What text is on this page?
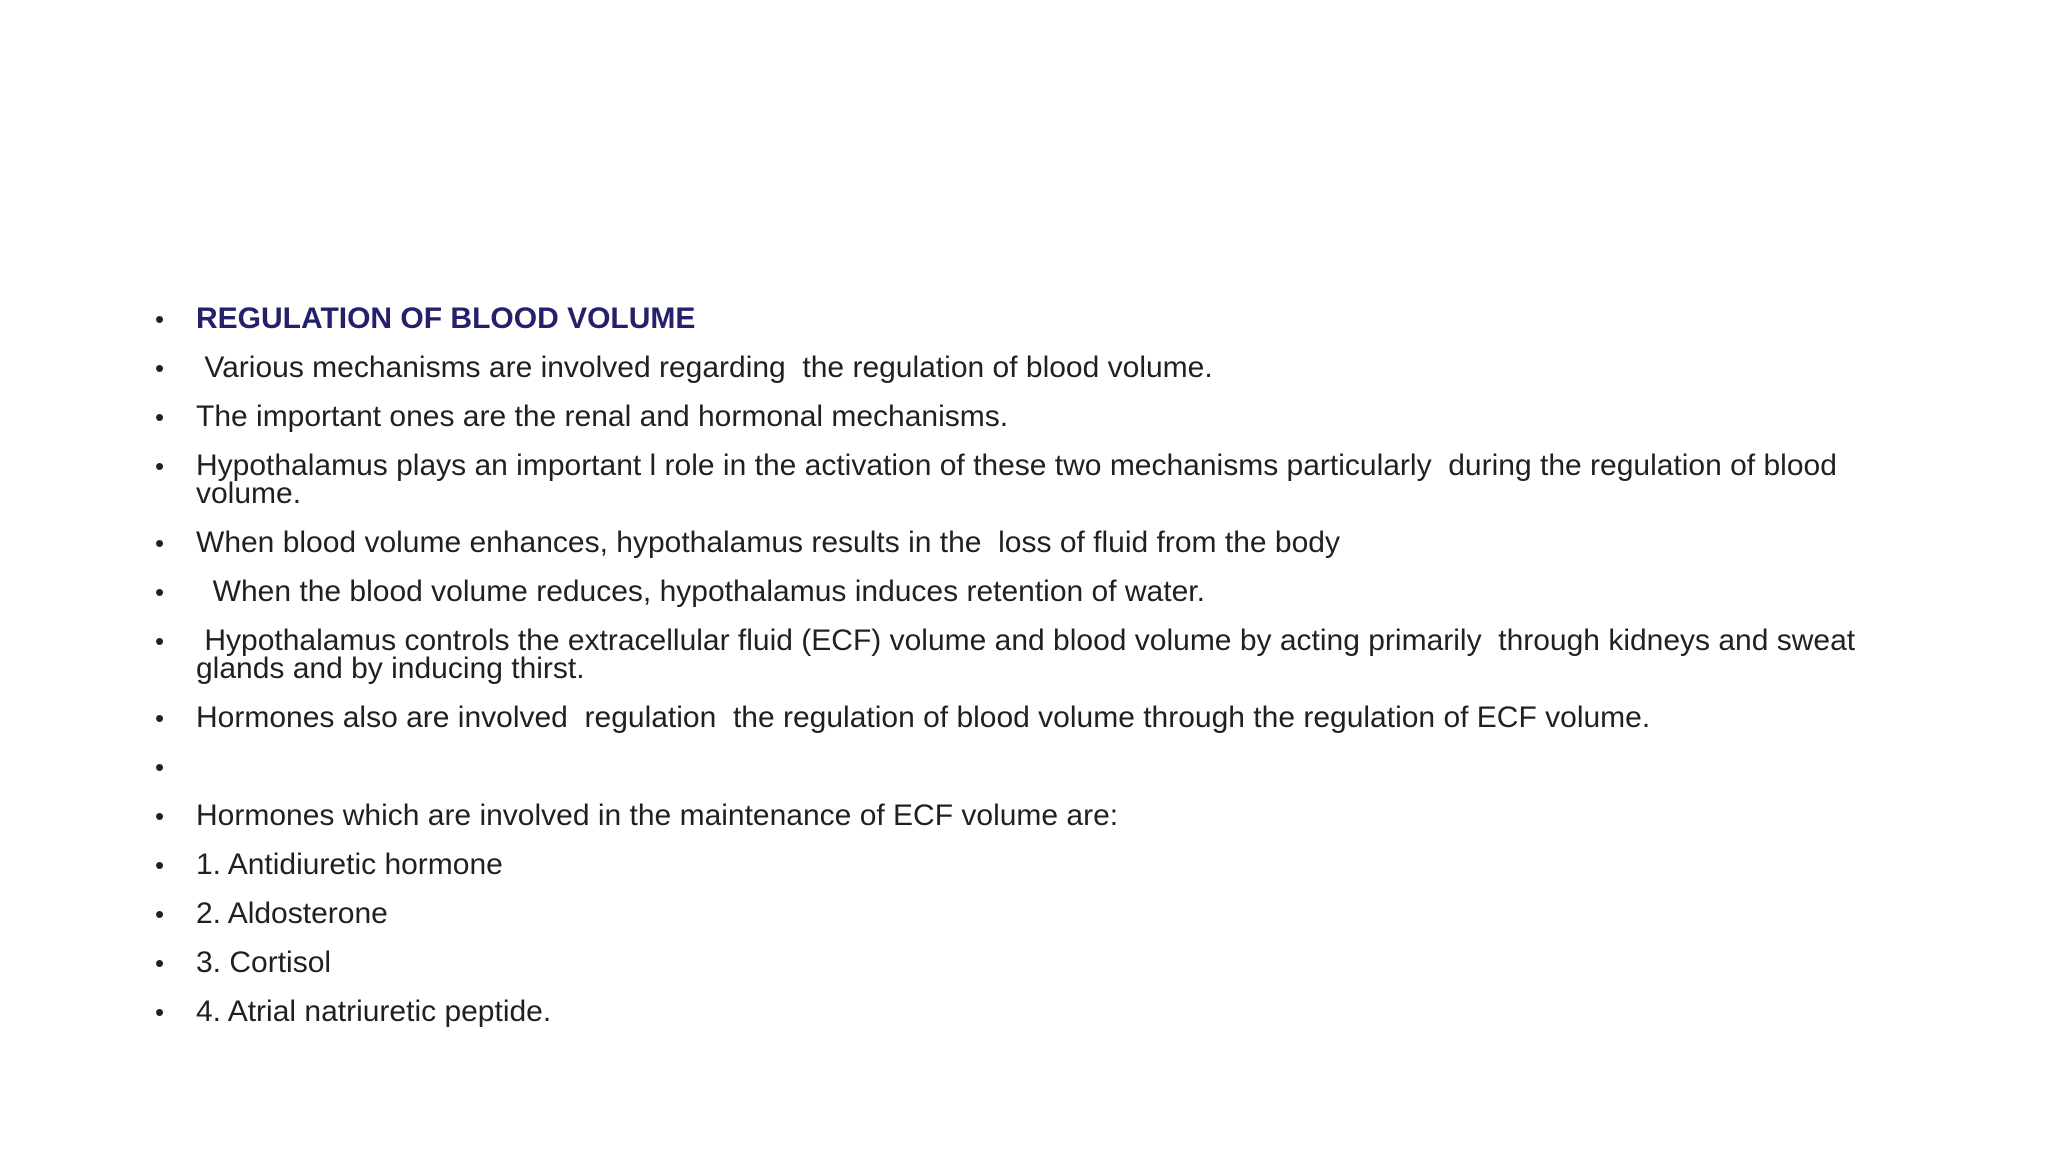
•	REGULATION OF BLOOD VOLUME
•	Various mechanisms are involved regarding  the regulation of blood volume.
•	The important ones are the renal and hormonal mechanisms.
•	Hypothalamus plays an important l role in the activation of these two mechanisms particularly  during the regulation of blood volume.
•	When blood volume enhances, hypothalamus results in the  loss of fluid from the body
•	When the blood volume reduces, hypothalamus induces retention of water.
•	Hypothalamus controls the extracellular fluid (ECF) volume and blood volume by acting primarily  through kidneys and sweat glands and by inducing thirst.
•	Hormones also are involved  regulation  the regulation of blood volume through the regulation of ECF volume.
•
•	Hormones which are involved in the maintenance of ECF volume are:
•	1. Antidiuretic hormone
•	2. Aldosterone
•	3. Cortisol
•	4. Atrial natriuretic peptide.
